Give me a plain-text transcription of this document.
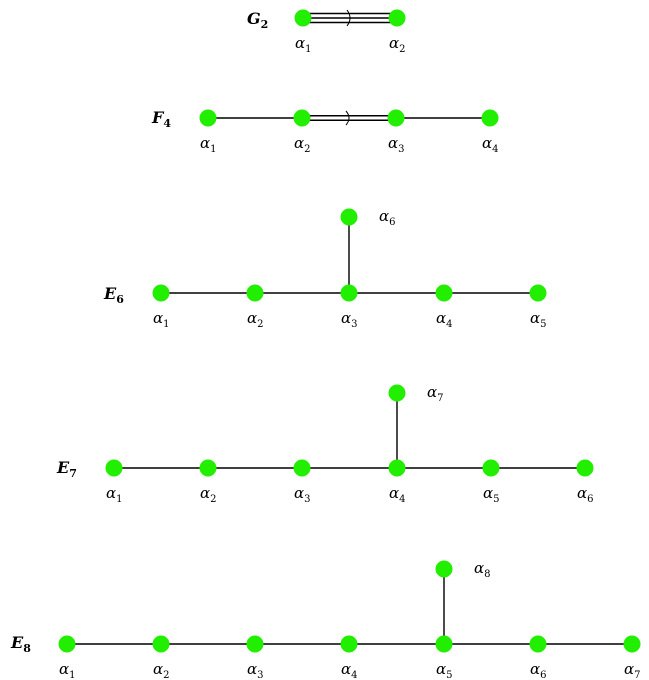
$G_2$
$\alpha_1$	$\alpha_2$
$F_4$
$\alpha_1$	$\alpha_2$	$\alpha_3$	$\alpha_4$
$E_6$
$\alpha_1$	$\alpha_2$	$\alpha_3$	$\alpha_4$	$\alpha_5$
$\alpha_6$
$E_7$
$\alpha_1$	$\alpha_2$	$\alpha_3$	$\alpha_4$	$\alpha_5$	$\alpha_6$
$\alpha_7$
$E_8$
$\alpha_1$	$\alpha_2$	$\alpha_3$	$\alpha_4$	$\alpha_5$	$\alpha_6$	$\alpha_7$
$\alpha_8$
